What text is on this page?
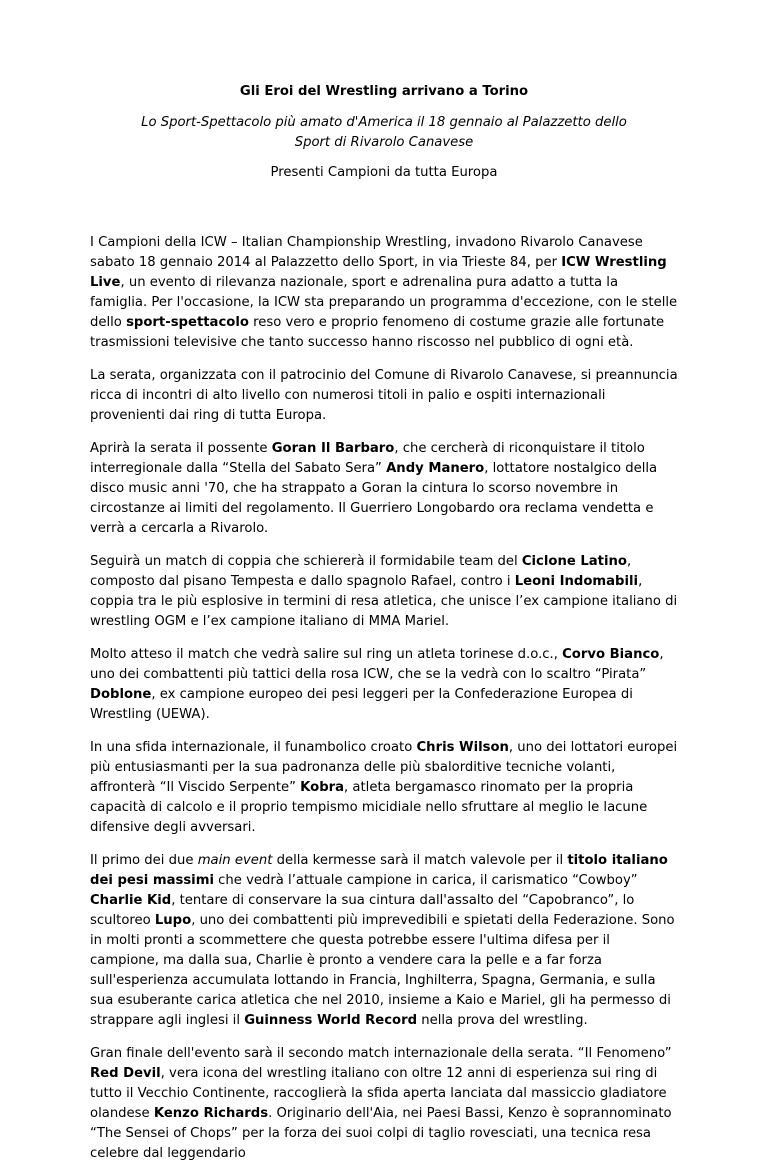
Gli Eroi del Wrestling arrivano a Torino
Lo Sport-Spettacolo più amato d'America il 18 gennaio al Palazzetto dello Sport di Rivarolo Canavese
Presenti Campioni da tutta Europa

I Campioni della ICW – Italian Championship Wrestling, invadono Rivarolo Canavese sabato 18 gennaio 2014 al Palazzetto dello Sport, in via Trieste 84, per ICW Wrestling Live, un evento di rilevanza nazionale, sport e adrenalina pura adatto a tutta la famiglia. Per l'occasione, la ICW sta preparando un programma d'eccezione, con le stelle dello sport-spettacolo reso vero e proprio fenomeno di costume grazie alle fortunate trasmissioni televisive che tanto successo hanno riscosso nel pubblico di ogni età.

La serata, organizzata con il patrocinio del Comune di Rivarolo Canavese, si preannuncia ricca di incontri di alto livello con numerosi titoli in palio e ospiti internazionali provenienti dai ring di tutta Europa.

Aprirà la serata il possente Goran Il Barbaro, che cercherà di riconquistare il titolo interregionale dalla “Stella del Sabato Sera” Andy Manero, lottatore nostalgico della disco music anni '70, che ha strappato a Goran la cintura lo scorso novembre in circostanze ai limiti del regolamento. Il Guerriero Longobardo ora reclama vendetta e verrà a cercarla a Rivarolo.

Seguirà un match di coppia che schiererà il formidabile team del Ciclone Latino, composto dal pisano Tempesta e dallo spagnolo Rafael, contro i Leoni Indomabili, coppia tra le più esplosive in termini di resa atletica, che unisce l’ex campione italiano di wrestling OGM e l’ex campione italiano di MMA Mariel.

Molto atteso il match che vedrà salire sul ring un atleta torinese d.o.c., Corvo Bianco, uno dei combattenti più tattici della rosa ICW, che se la vedrà con lo scaltro “Pirata” Doblone, ex campione europeo dei pesi leggeri per la Confederazione Europea di Wrestling (UEWA).

In una sfida internazionale, il funambolico croato Chris Wilson, uno dei lottatori europei più entusiasmanti per la sua padronanza delle più sbalorditive tecniche volanti, affronterà “Il Viscido Serpente” Kobra, atleta bergamasco rinomato per la propria capacità di calcolo e il proprio tempismo micidiale nello sfruttare al meglio le lacune difensive degli avversari.

Il primo dei due main event della kermesse sarà il match valevole per il titolo italiano dei pesi massimi che vedrà l’attuale campione in carica, il carismatico “Cowboy” Charlie Kid, tentare di conservare la sua cintura dall'assalto del “Capobranco”, lo scultoreo Lupo, uno dei combattenti più imprevedibili e spietati della Federazione. Sono in molti pronti a scommettere che questa potrebbe essere l'ultima difesa per il campione, ma dalla sua, Charlie è pronto a vendere cara la pelle e a far forza sull'esperienza accumulata lottando in Francia, Inghilterra, Spagna, Germania, e sulla sua esuberante carica atletica che nel 2010, insieme a Kaio e Mariel, gli ha permesso di strappare agli inglesi il Guinness World Record nella prova del wrestling.

Gran finale dell'evento sarà il secondo match internazionale della serata. “Il Fenomeno” Red Devil, vera icona del wrestling italiano con oltre 12 anni di esperienza sui ring di tutto il Vecchio Continente, raccoglierà la sfida aperta lanciata dal massiccio gladiatore olandese Kenzo Richards. Originario dell'Aia, nei Paesi Bassi, Kenzo è soprannominato “The Sensei of Chops” per la forza dei suoi colpi di taglio rovesciati, una tecnica resa celebre dal leggendario
